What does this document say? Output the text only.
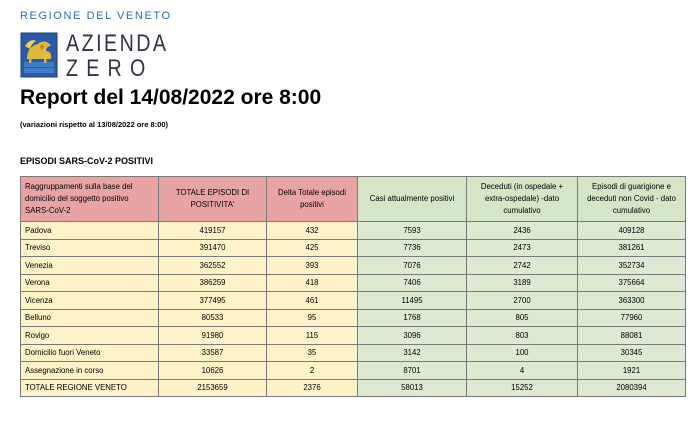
REGIONE DEL VENETO
AZIENDA
ZERO
Report del 14/08/2022 ore 8:00
(variazioni rispetto al 13/08/2022 ore 8:00)
EPISODI SARS-CoV-2 POSITIVI
Raggruppamenti sulla base del domicilio del soggetto positivo SARS-CoV-2	TOTALE EPISODI DI POSITIVITA'	Delta Totale episodi positivi	Casi attualmente positivi	Deceduti (in ospedale + extra-ospedale) -dato cumulativo	Episodi di guarigione e deceduti non Covid - dato cumulativo
Padova	419157	432	7593	2436	409128
Treviso	391470	425	7736	2473	381261
Venezia	362552	393	7076	2742	352734
Verona	386259	418	7406	3189	375664
Vicenza	377495	461	11495	2700	363300
Belluno	80533	95	1768	805	77960
Rovigo	91980	115	3096	803	88081
Domicilio fuori Veneto	33587	35	3142	100	30345
Assegnazione in corso	10626	2	8701	4	1921
TOTALE REGIONE VENETO	2153659	2376	58013	15252	2080394
